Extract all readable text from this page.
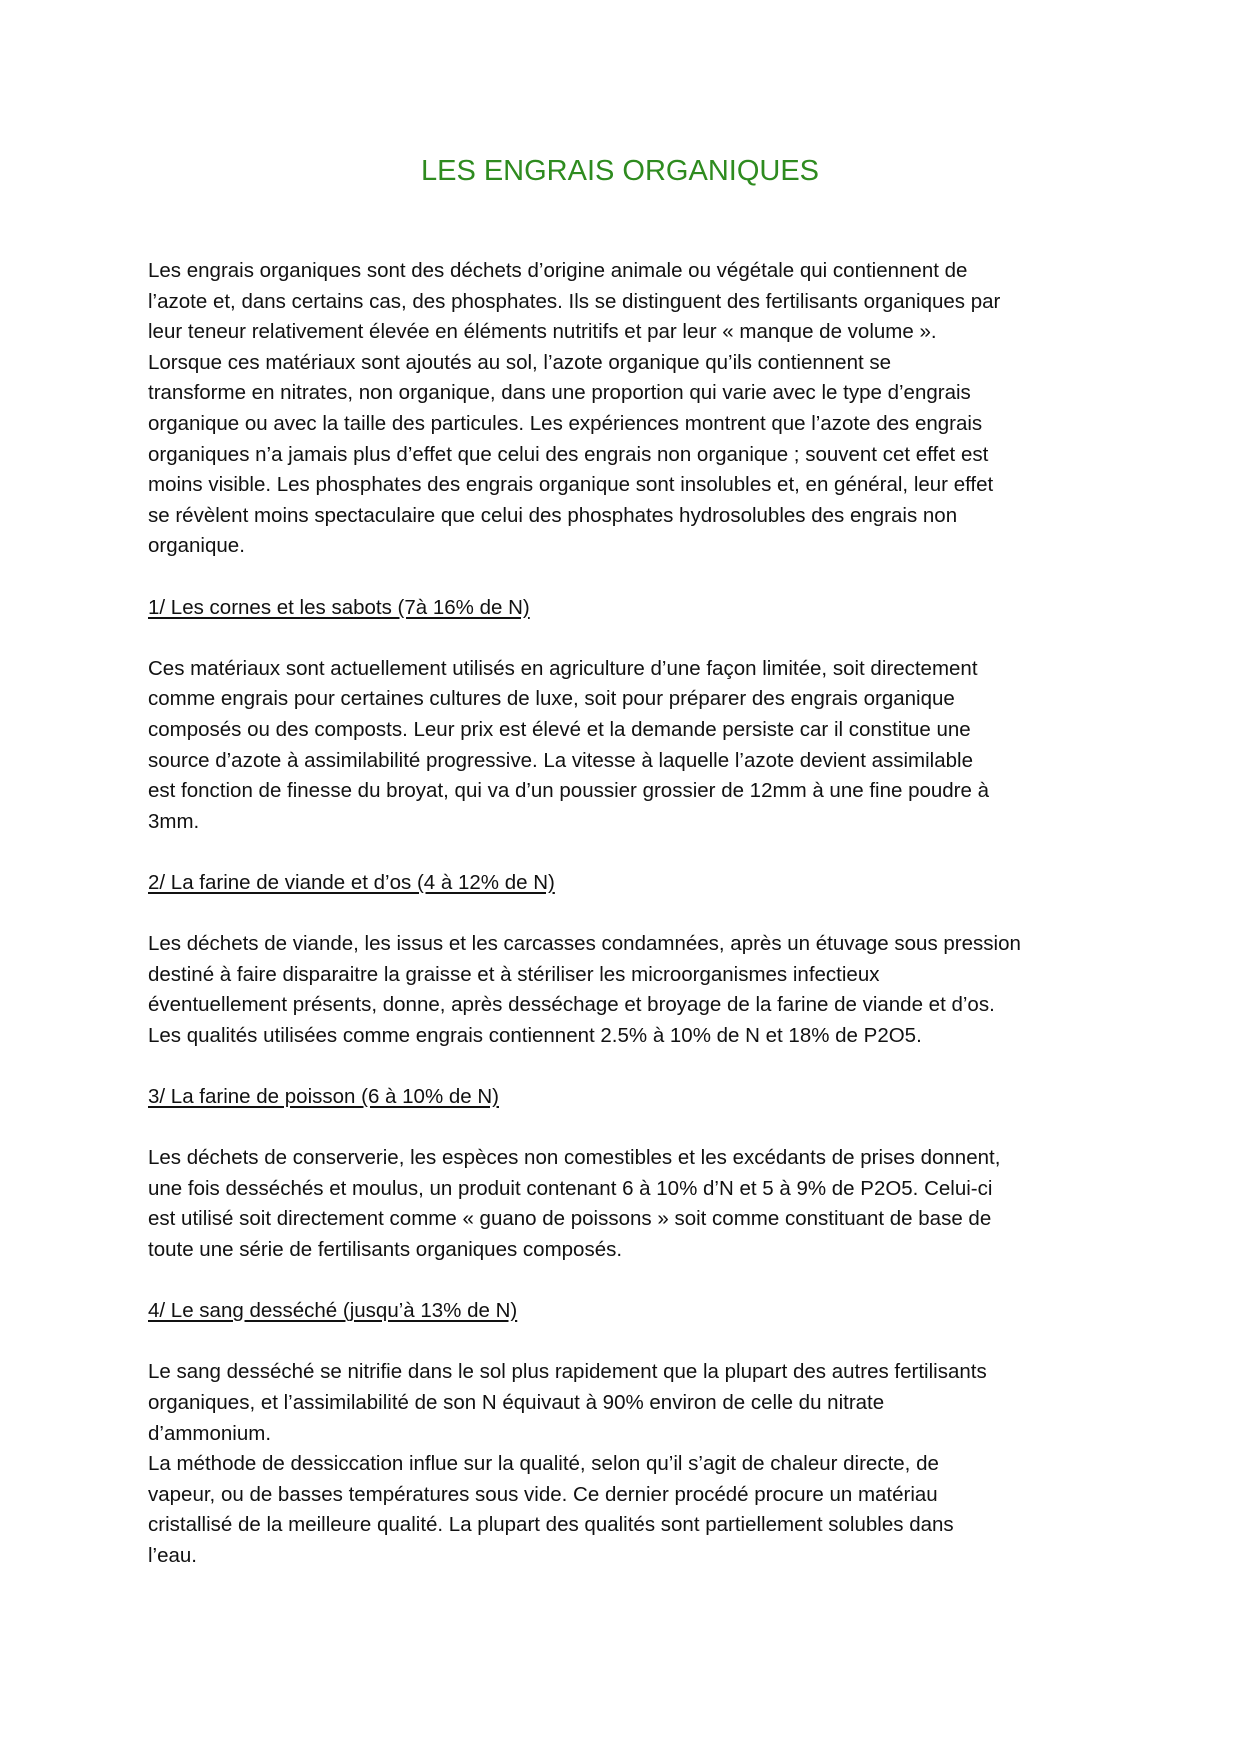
LES ENGRAIS ORGANIQUES
Les engrais organiques sont des déchets d’origine animale ou végétale qui contiennent de
l’azote et, dans certains cas, des phosphates. Ils se distinguent des fertilisants organiques par
leur teneur relativement élevée en éléments nutritifs et par leur « manque de volume ».
Lorsque ces matériaux sont ajoutés au sol, l’azote organique qu’ils contiennent se
transforme en nitrates, non organique, dans une proportion qui varie avec le type d’engrais
organique ou avec la taille des particules. Les expériences montrent que l’azote des engrais
organiques n’a jamais plus d’effet que celui des engrais non organique ; souvent cet effet est
moins visible. Les phosphates des engrais organique sont insolubles et, en général, leur effet
se révèlent moins spectaculaire que celui des phosphates hydrosolubles des engrais non
organique.
1/ Les cornes et les sabots (7à 16% de N)
Ces matériaux sont actuellement utilisés en agriculture d’une façon limitée, soit directement
comme engrais pour certaines cultures de luxe, soit pour préparer des engrais organique
composés ou des composts. Leur prix est élevé et la demande persiste car il constitue une
source d’azote à assimilabilité progressive. La vitesse à laquelle l’azote devient assimilable
est fonction de finesse du broyat, qui va d’un poussier grossier de 12mm à une fine poudre à
3mm.
2/ La farine de viande et d’os (4 à 12% de N)
Les déchets de viande, les issus et les carcasses condamnées, après un étuvage sous pression
destiné à faire disparaitre la graisse et à stériliser les microorganismes infectieux
éventuellement présents, donne, après desséchage et broyage de la farine de viande et d’os.
Les qualités utilisées comme engrais contiennent 2.5% à 10% de N et 18% de P2O5.
3/ La farine de poisson (6 à 10% de N)
Les déchets de conserverie, les espèces non comestibles et les excédants de prises donnent,
une fois desséchés et moulus, un produit contenant 6 à 10% d’N et 5 à 9% de P2O5. Celui-ci
est utilisé soit directement comme « guano de poissons » soit comme constituant de base de
toute une série de fertilisants organiques composés.
4/ Le sang desséché (jusqu’à 13% de N)
Le sang desséché se nitrifie dans le sol plus rapidement que la plupart des autres fertilisants
organiques, et l’assimilabilité de son N équivaut à 90% environ de celle du nitrate
d’ammonium.
La méthode de dessiccation influe sur la qualité, selon qu’il s’agit de chaleur directe, de
vapeur, ou de basses températures sous vide. Ce dernier procédé procure un matériau
cristallisé de la meilleure qualité. La plupart des qualités sont partiellement solubles dans
l’eau.
